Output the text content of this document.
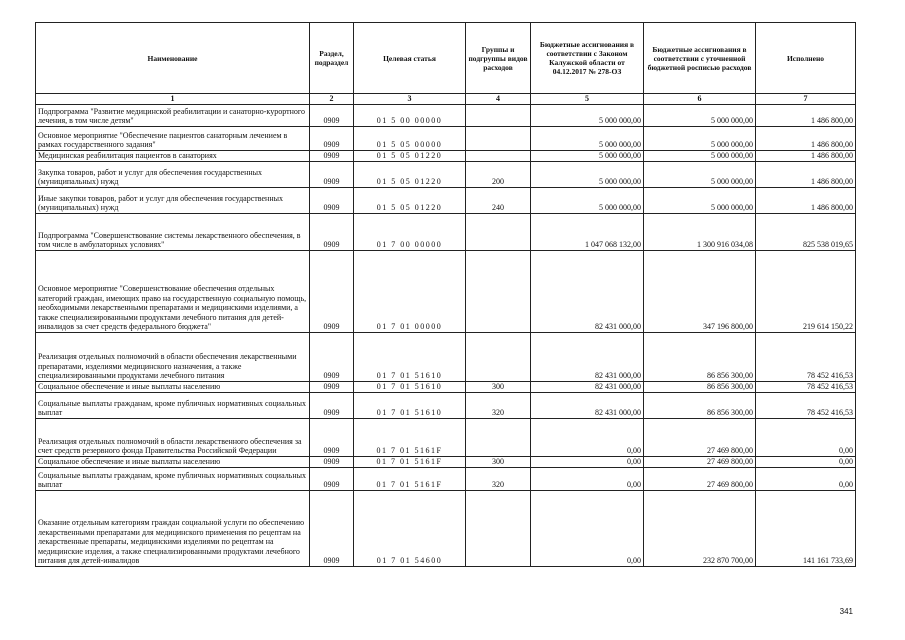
Наименование	Раздел, подраздел	Целевая статья	Группы и подгруппы видов расходов	Бюджетные ассигнования в соответствии с Законом Калужской области от 04.12.2017 № 278-ОЗ	Бюджетные ассигнования в соответствии с уточненной бюджетной росписью расходов	Исполнено
1	2	3	4	5	6	7
Подпрограмма "Развитие медицинской реабилитации и санаторно-курортного лечения, в том числе детям"	0909	01 5 00 00000		5 000 000,00	5 000 000,00	1 486 800,00
Основное мероприятие "Обеспечение пациентов санаторным лечением в рамках государственного задания"	0909	01 5 05 00000		5 000 000,00	5 000 000,00	1 486 800,00
Медицинская реабилитация пациентов в санаториях	0909	01 5 05 01220		5 000 000,00	5 000 000,00	1 486 800,00
Закупка товаров, работ и услуг для обеспечения государственных (муниципальных) нужд	0909	01 5 05 01220	200	5 000 000,00	5 000 000,00	1 486 800,00
Иные закупки товаров, работ и услуг для обеспечения государственных (муниципальных) нужд	0909	01 5 05 01220	240	5 000 000,00	5 000 000,00	1 486 800,00
Подпрограмма "Совершенствование системы лекарственного обеспечения, в том числе в амбулаторных условиях"	0909	01 7 00 00000		1 047 068 132,00	1 300 916 034,08	825 538 019,65
Основное мероприятие "Совершенствование обеспечения отдельных категорий граждан, имеющих право на государственную социальную помощь, необходимыми лекарственными препаратами и медицинскими изделиями, а также специализированными продуктами лечебного питания для детей-инвалидов за счет средств федерального бюджета"	0909	01 7 01 00000		82 431 000,00	347 196 800,00	219 614 150,22
Реализация отдельных полномочий в области обеспечения лекарственными препаратами, изделиями медицинского назначения, а также специализированными продуктами лечебного питания	0909	01 7 01 51610		82 431 000,00	86 856 300,00	78 452 416,53
Социальное обеспечение и иные выплаты населению	0909	01 7 01 51610	300	82 431 000,00	86 856 300,00	78 452 416,53
Социальные выплаты гражданам, кроме публичных нормативных социальных выплат	0909	01 7 01 51610	320	82 431 000,00	86 856 300,00	78 452 416,53
Реализация отдельных полномочий в области лекарственного обеспечения за счет средств резервного фонда Правительства Российской Федерации	0909	01 7 01 5161F		0,00	27 469 800,00	0,00
Социальное обеспечение и иные выплаты населению	0909	01 7 01 5161F	300	0,00	27 469 800,00	0,00
Социальные выплаты гражданам, кроме публичных нормативных социальных выплат	0909	01 7 01 5161F	320	0,00	27 469 800,00	0,00
Оказание отдельным категориям граждан социальной услуги по обеспечению лекарственными препаратами для медицинского применения по рецептам на лекарственные препараты, медицинскими изделиями по рецептам на медицинские изделия, а также специализированными продуктами лечебного питания для детей-инвалидов	0909	01 7 01 54600		0,00	232 870 700,00	141 161 733,69
341
